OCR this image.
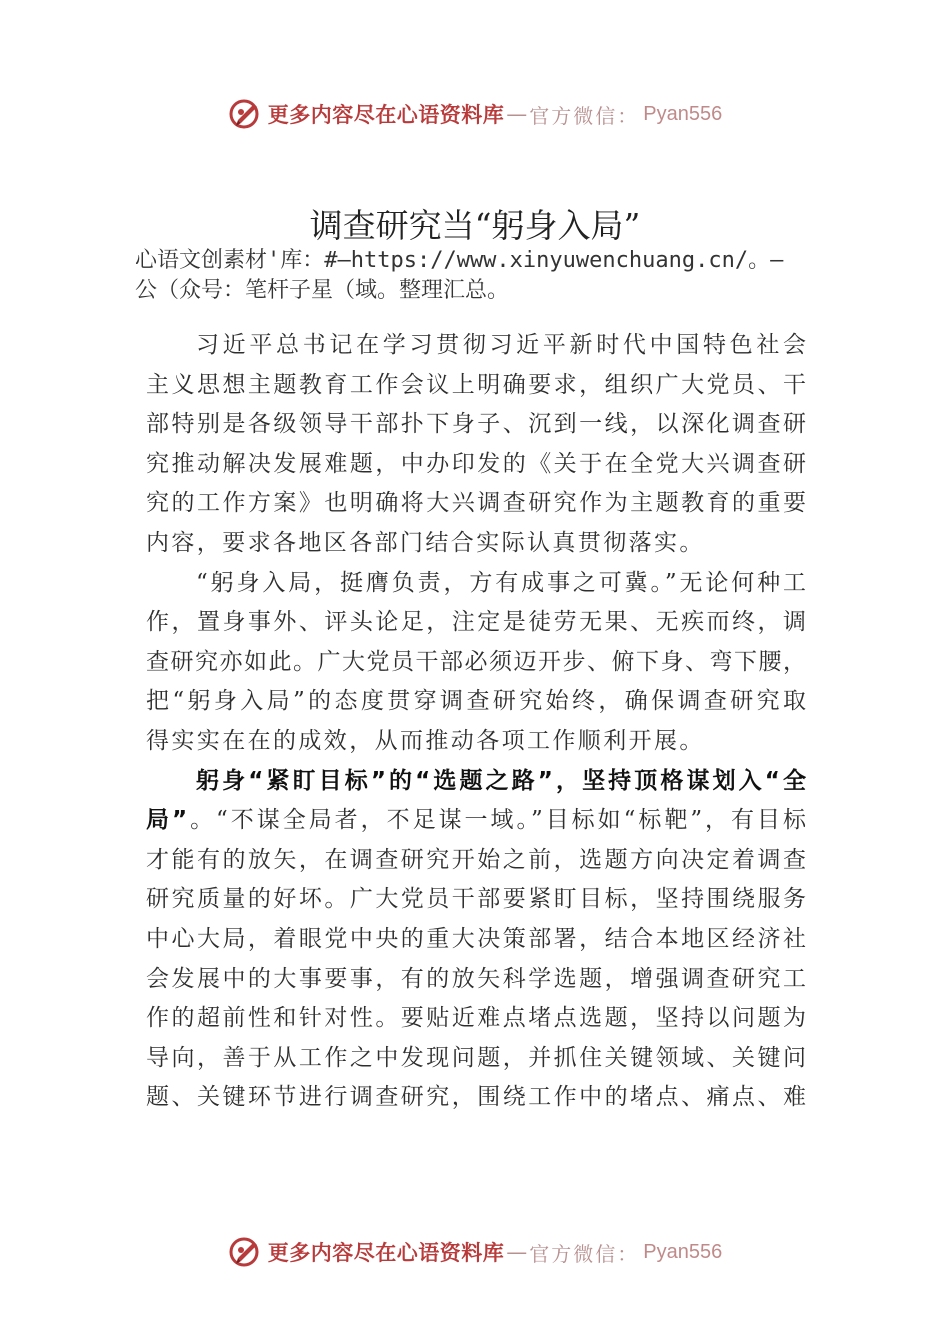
更多内容尽在心语资料库 — 官方微信： Pyan556
调查研究当“躬身入局”
心语文创素材'库：#—https://www.xinyuwenchuang.cn/。—
公（众号：笔杆子星（域。整理汇总。
习近平总书记在学习贯彻习近平新时代中国特色社会
主义思想主题教育工作会议上明确要求，组织广大党员、干
部特别是各级领导干部扑下身子、沉到一线，以深化调查研
究推动解决发展难题，中办印发的《关于在全党大兴调查研
究的工作方案》也明确将大兴调查研究作为主题教育的重要
内容，要求各地区各部门结合实际认真贯彻落实。
“躬身入局，挺膺负责，方有成事之可冀。”无论何种工
作，置身事外、评头论足，注定是徒劳无果、无疾而终，调
查研究亦如此。广大党员干部必须迈开步、俯下身、弯下腰，
把“躬身入局”的态度贯穿调查研究始终，确保调查研究取
得实实在在的成效，从而推动各项工作顺利开展。
躬身“紧盯目标”的“选题之路”，坚持顶格谋划入“全
局”。“不谋全局者，不足谋一域。”目标如“标靶”，有目标
才能有的放矢，在调查研究开始之前，选题方向决定着调查
研究质量的好坏。广大党员干部要紧盯目标，坚持围绕服务
中心大局，着眼党中央的重大决策部署，结合本地区经济社
会发展中的大事要事，有的放矢科学选题，增强调查研究工
作的超前性和针对性。要贴近难点堵点选题，坚持以问题为
导向，善于从工作之中发现问题，并抓住关键领域、关键问
题、关键环节进行调查研究，围绕工作中的堵点、痛点、难
更多内容尽在心语资料库 — 官方微信： Pyan556
